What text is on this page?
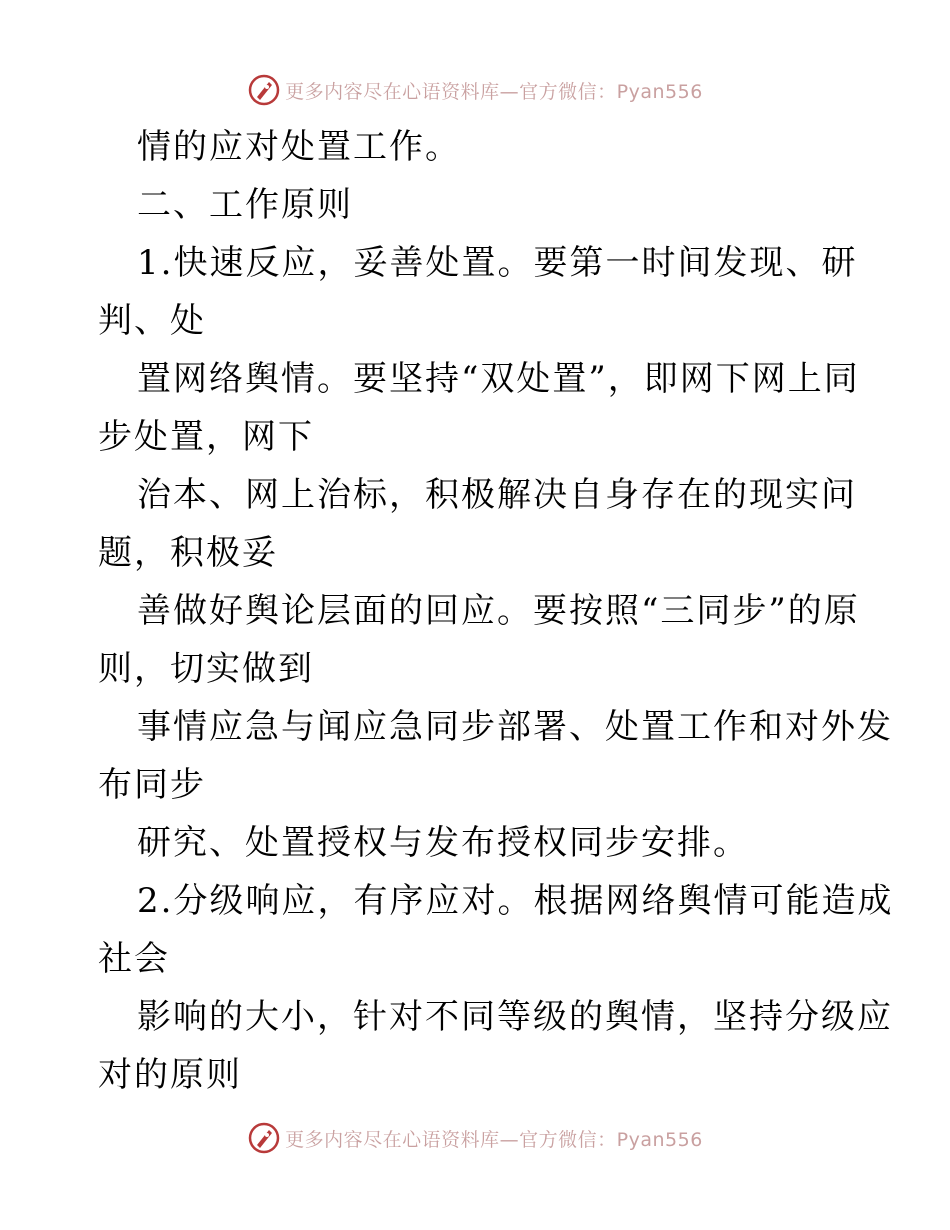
更多内容尽在心语资料库—官方微信：Pyan556
情的应对处置工作。
二、工作原则
1.快速反应，妥善处置。要第一时间发现、研
判、处
置网络舆情。要坚持“双处置”，即网下网上同
步处置，网下
治本、网上治标，积极解决自身存在的现实问
题，积极妥
善做好舆论层面的回应。要按照“三同步”的原
则，切实做到
事情应急与闻应急同步部署、处置工作和对外发
布同步
研究、处置授权与发布授权同步安排。
2.分级响应，有序应对。根据网络舆情可能造成
社会
影响的大小，针对不同等级的舆情，坚持分级应
对的原则
更多内容尽在心语资料库—官方微信：Pyan556
